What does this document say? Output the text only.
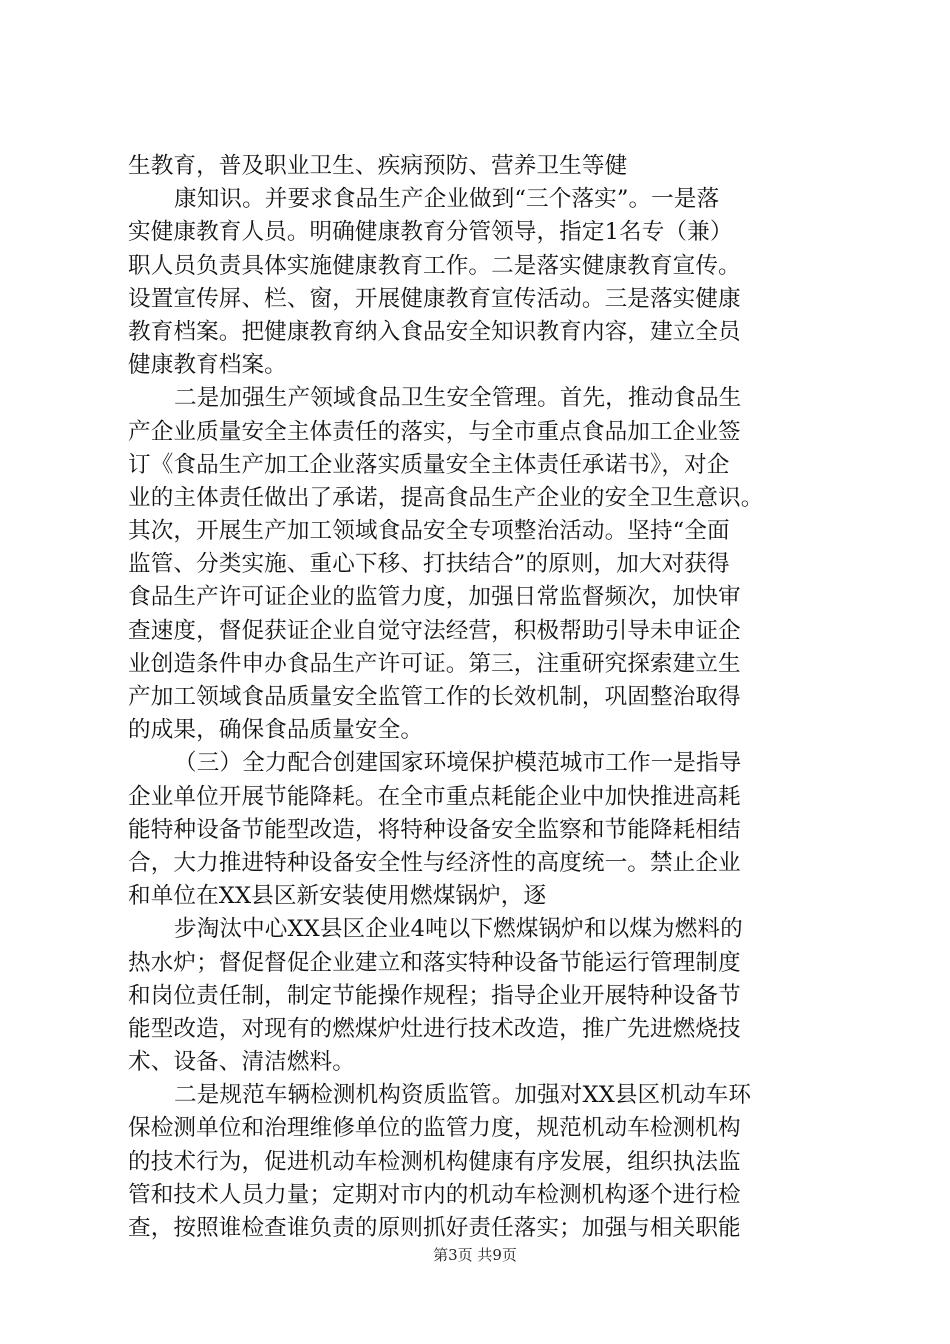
生教育，普及职业卫生、疾病预防、营养卫生等健
康知识。并要求食品生产企业做到“三个落实”。一是落
实健康教育人员。明确健康教育分管领导，指定1名专（兼）
职人员负责具体实施健康教育工作。二是落实健康教育宣传。
设置宣传屏、栏、窗，开展健康教育宣传活动。三是落实健康
教育档案。把健康教育纳入食品安全知识教育内容，建立全员
健康教育档案。
二是加强生产领域食品卫生安全管理。首先，推动食品生
产企业质量安全主体责任的落实，与全市重点食品加工企业签
订《食品生产加工企业落实质量安全主体责任承诺书》，对企
业的主体责任做出了承诺，提高食品生产企业的安全卫生意识。
其次，开展生产加工领域食品安全专项整治活动。坚持“全面
监管、分类实施、重心下移、打扶结合”的原则，加大对获得
食品生产许可证企业的监管力度，加强日常监督频次，加快审
查速度，督促获证企业自觉守法经营，积极帮助引导未申证企
业创造条件申办食品生产许可证。第三，注重研究探索建立生
产加工领域食品质量安全监管工作的长效机制，巩固整治取得
的成果，确保食品质量安全。
（三）全力配合创建国家环境保护模范城市工作一是指导
企业单位开展节能降耗。在全市重点耗能企业中加快推进高耗
能特种设备节能型改造，将特种设备安全监察和节能降耗相结
合，大力推进特种设备安全性与经济性的高度统一。禁止企业
和单位在XX县区新安装使用燃煤锅炉，逐
步淘汰中心XX县区企业4吨以下燃煤锅炉和以煤为燃料的
热水炉；督促督促企业建立和落实特种设备节能运行管理制度
和岗位责任制，制定节能操作规程；指导企业开展特种设备节
能型改造，对现有的燃煤炉灶进行技术改造，推广先进燃烧技
术、设备、清洁燃料。
二是规范车辆检测机构资质监管。加强对XX县区机动车环
保检测单位和治理维修单位的监管力度，规范机动车检测机构
的技术行为，促进机动车检测机构健康有序发展，组织执法监
管和技术人员力量；定期对市内的机动车检测机构逐个进行检
查，按照谁检查谁负责的原则抓好责任落实；加强与相关职能
第3页 共9页
